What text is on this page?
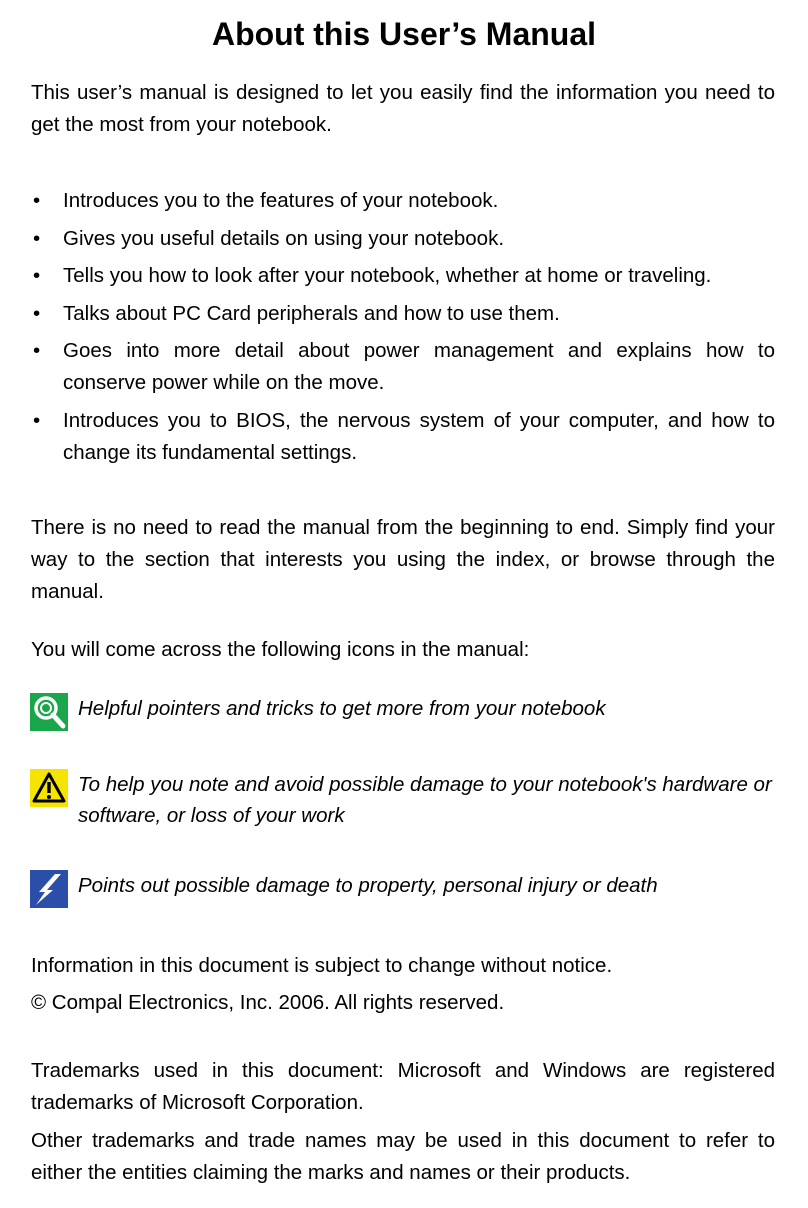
About this User’s Manual

This user’s manual is designed to let you easily find the information you need to get the most from your notebook.

• Introduces you to the features of your notebook.
• Gives you useful details on using your notebook.
• Tells you how to look after your notebook, whether at home or traveling.
• Talks about PC Card peripherals and how to use them.
• Goes into more detail about power management and explains how to conserve power while on the move.
• Introduces you to BIOS, the nervous system of your computer, and how to change its fundamental settings.

There is no need to read the manual from the beginning to end. Simply find your way to the section that interests you using the index, or browse through the manual.

You will come across the following icons in the manual:

Helpful pointers and tricks to get more from your notebook
To help you note and avoid possible damage to your notebook's hardware or software, or loss of your work
Points out possible damage to property, personal injury or death

Information in this document is subject to change without notice.

© Compal Electronics, Inc. 2006. All rights reserved.

Trademarks used in this document: Microsoft and Windows are registered trademarks of Microsoft Corporation.

Other trademarks and trade names may be used in this document to refer to either the entities claiming the marks and names or their products.
